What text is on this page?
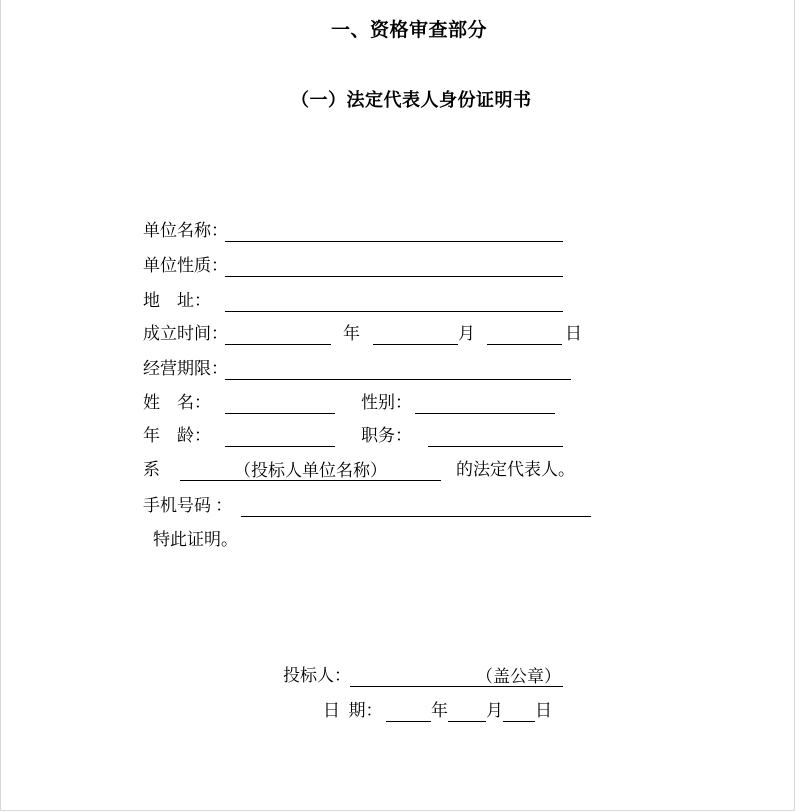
一、资格审查部分
（一）法定代表人身份证明书

单位名称：

单位性质：

地    址：

成立时间：	年	月	日

经营期限：

姓    名：	性别：

年    龄：	职务：

系	（投标人单位名称）	的法定代表人。

手机号码 ：

特此证明。

投标人：	（盖公章）

日  期：	年 月 日
